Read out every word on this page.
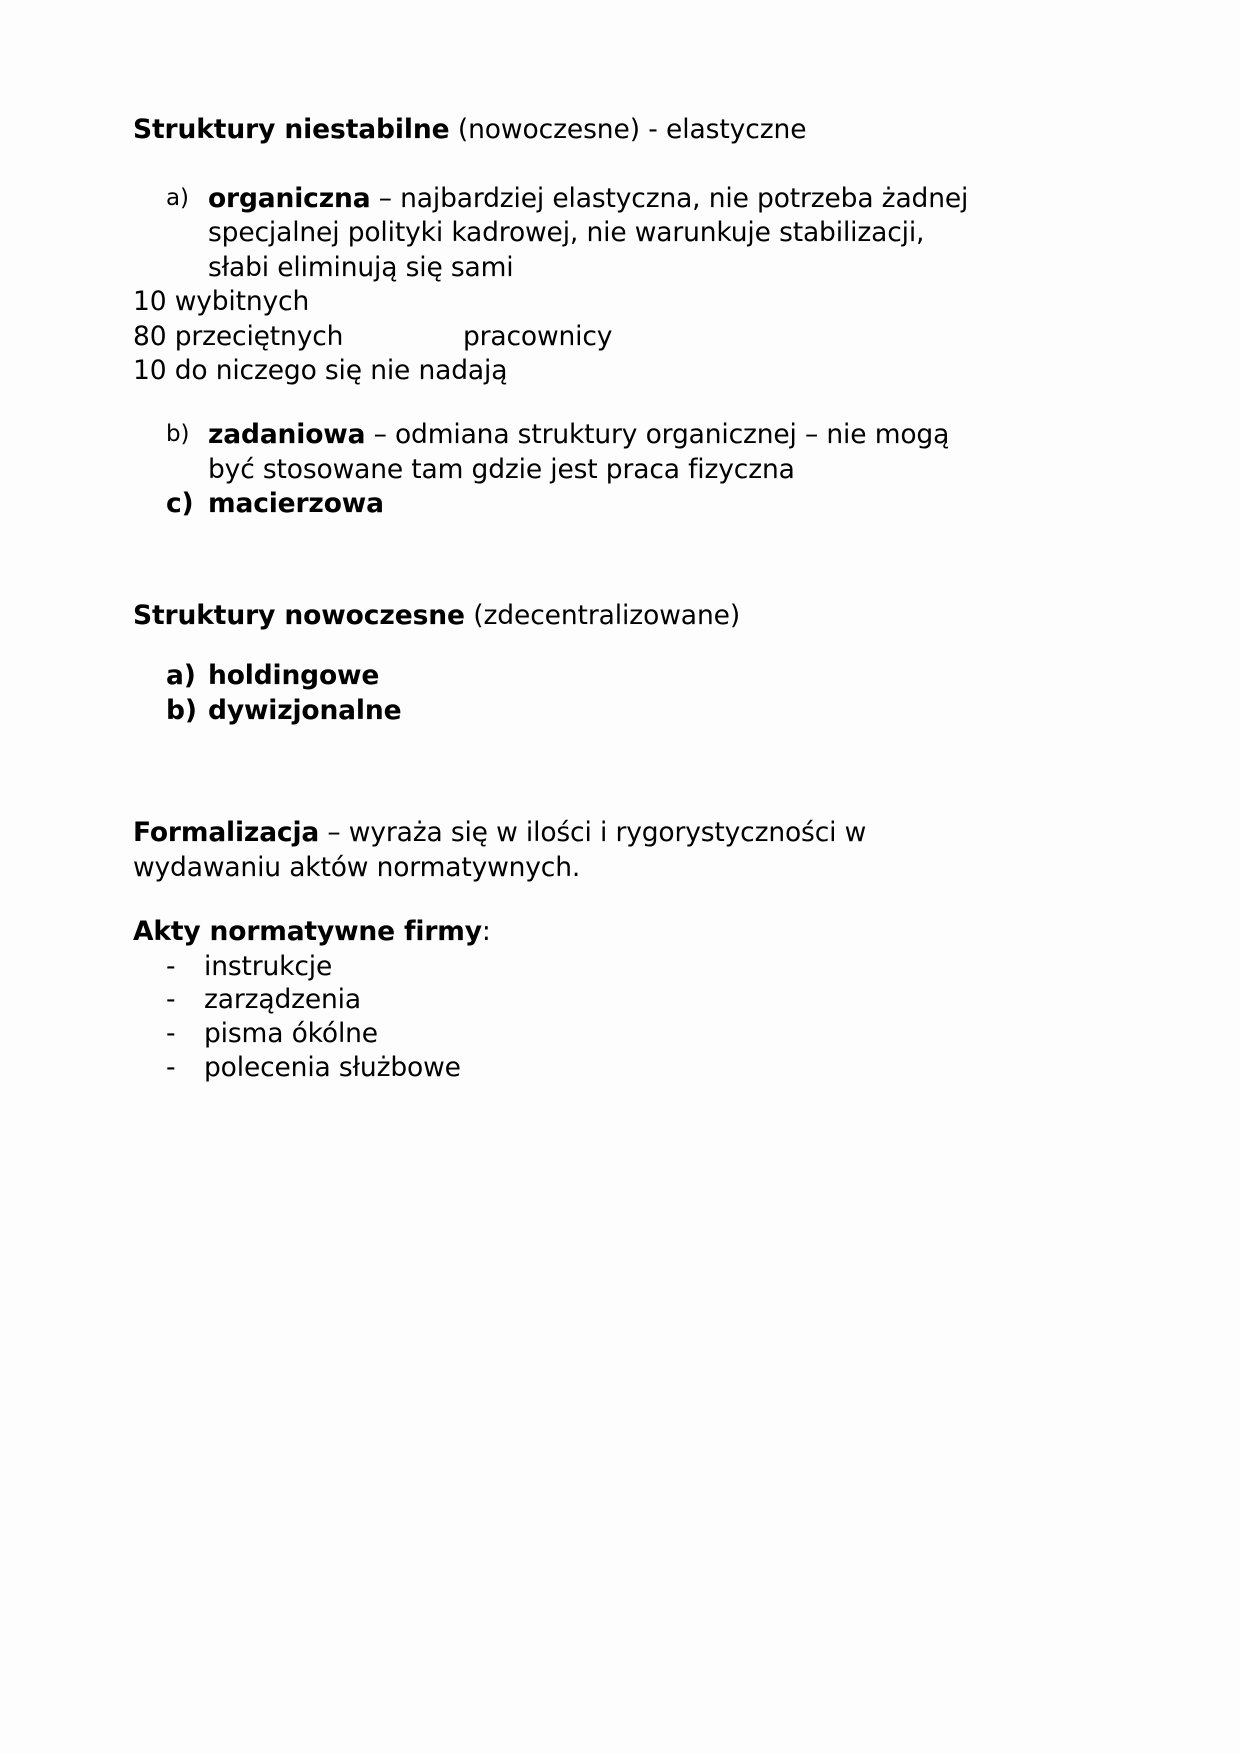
Struktury niestabilne (nowoczesne) - elastyczne

a) organiczna – najbardziej elastyczna, nie potrzeba żadnej specjalnej polityki kadrowej, nie warunkuje stabilizacji, słabi eliminują się sami
10 wybitnych
80 przeciętnych	pracownicy
10 do niczego się nie nadają
b) zadaniowa – odmiana struktury organicznej – nie mogą być stosowane tam gdzie jest praca fizyczna
c) macierzowa

Struktury nowoczesne (zdecentralizowane)

a) holdingowe
b) dywizjonalne

Formalizacja – wyraża się w ilości i rygorystyczności w wydawaniu aktów normatywnych.

Akty normatywne firmy:

-	instrukcje
-	zarządzenia
-	pisma ókólne
-	polecenia służbowe
